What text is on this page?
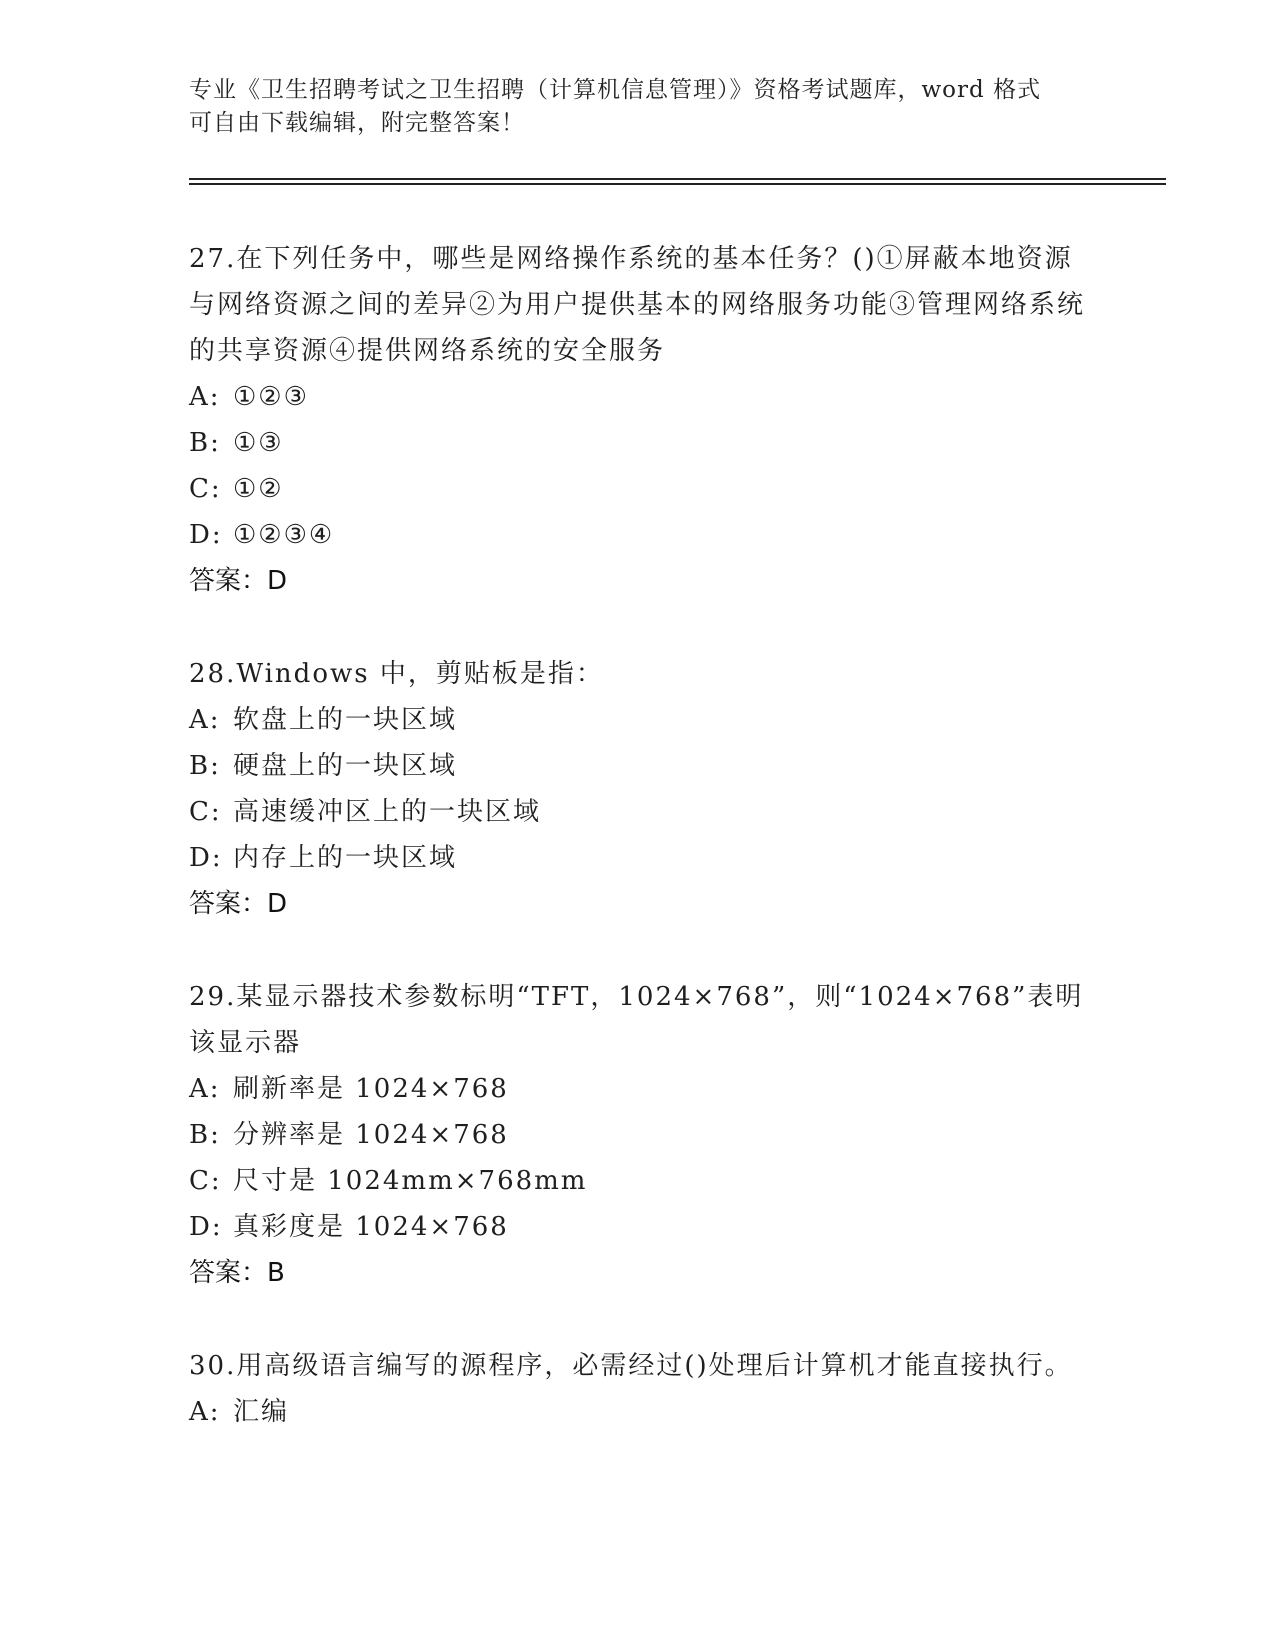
专业《卫生招聘考试之卫生招聘（计算机信息管理）》资格考试题库，word 格式
可自由下载编辑，附完整答案！

27.在下列任务中，哪些是网络操作系统的基本任务？()①屏蔽本地资源与网络资源之间的差异②为用户提供基本的网络服务功能③管理网络系统的共享资源④提供网络系统的安全服务

A: ①②③

B: ①③

C: ①②

D: ①②③④

答案：D

28.Windows 中，剪贴板是指：

A: 软盘上的一块区域

B: 硬盘上的一块区域

C: 高速缓冲区上的一块区域

D: 内存上的一块区域

答案：D

29.某显示器技术参数标明“TFT，1024×768”，则“1024×768”表明该显示器

A: 刷新率是 1024×768

B: 分辨率是 1024×768

C: 尺寸是 1024mm×768mm

D: 真彩度是 1024×768

答案：B

30.用高级语言编写的源程序，必需经过()处理后计算机才能直接执行。

A: 汇编
